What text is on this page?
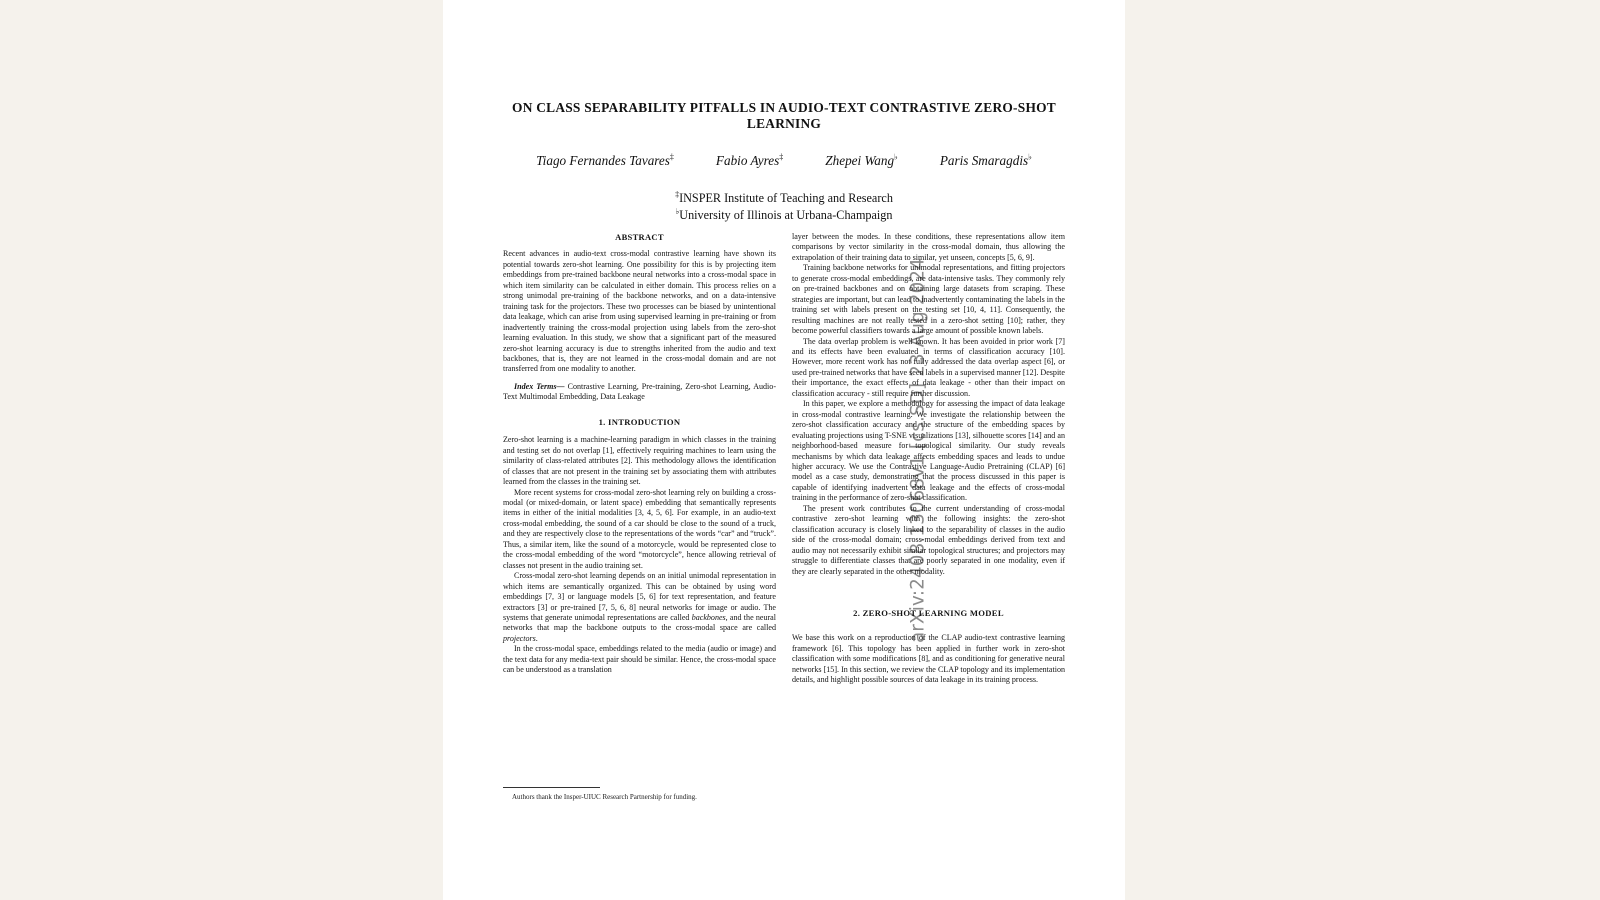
arXiv:2408.13068v1 [cs.SD] 23 Aug 2024
ON CLASS SEPARABILITY PITFALLS IN AUDIO-TEXT CONTRASTIVE ZERO-SHOT LEARNING
Tiago Fernandes Tavares‡	Fabio Ayres‡	Zhepei Wang♭	Paris Smaragdis♭
‡INSPER Institute of Teaching and Research
♭University of Illinois at Urbana-Champaign
ABSTRACT

Recent advances in audio-text cross-modal contrastive learning have shown its potential towards zero-shot learning. One possibility for this is by projecting item embeddings from pre-trained backbone neural networks into a cross-modal space in which item similarity can be calculated in either domain. This process relies on a strong unimodal pre-training of the backbone networks, and on a data-intensive training task for the projectors. These two processes can be biased by unintentional data leakage, which can arise from using supervised learning in pre-training or from inadvertently training the cross-modal projection using labels from the zero-shot learning evaluation. In this study, we show that a significant part of the measured zero-shot learning accuracy is due to strengths inherited from the audio and text backbones, that is, they are not learned in the cross-modal domain and are not transferred from one modality to another.

Index Terms— Contrastive Learning, Pre-training, Zero-shot Learning, Audio-Text Multimodal Embedding, Data Leakage

1. INTRODUCTION

Zero-shot learning is a machine-learning paradigm in which classes in the training and testing set do not overlap [1], effectively requiring machines to learn using the similarity of class-related attributes [2]. This methodology allows the identification of classes that are not present in the training set by associating them with attributes learned from the classes in the training set.

More recent systems for cross-modal zero-shot learning rely on building a cross-modal (or mixed-domain, or latent space) embedding that semantically represents items in either of the initial modalities [3, 4, 5, 6]. For example, in an audio-text cross-modal embedding, the sound of a car should be close to the sound of a truck, and they are respectively close to the representations of the words “car” and “truck”. Thus, a similar item, like the sound of a motorcycle, would be represented close to the cross-modal embedding of the word “motorcycle”, hence allowing retrieval of classes not present in the audio training set.

Cross-modal zero-shot learning depends on an initial unimodal representation in which items are semantically organized. This can be obtained by using word embeddings [7, 3] or language models [5, 6] for text representation, and feature extractors [3] or pre-trained [7, 5, 6, 8] neural networks for image or audio. The systems that generate unimodal representations are called backbones, and the neural networks that map the backbone outputs to the cross-modal space are called projectors.

In the cross-modal space, embeddings related to the media (audio or image) and the text data for any media-text pair should be similar. Hence, the cross-modal space can be understood as a translation

layer between the modes. In these conditions, these representations allow item comparisons by vector similarity in the cross-modal domain, thus allowing the extrapolation of their training data to similar, yet unseen, concepts [5, 6, 9].

Training backbone networks for unimodal representations, and fitting projectors to generate cross-modal embeddings, are data-intensive tasks. They commonly rely on pre-trained backbones and on obtaining large datasets from scraping. These strategies are important, but can lead to inadvertently contaminating the labels in the training set with labels present on the testing set [10, 4, 11]. Consequently, the resulting machines are not really tested in a zero-shot setting [10]; rather, they become powerful classifiers towards a large amount of possible known labels.

The data overlap problem is well known. It has been avoided in prior work [7] and its effects have been evaluated in terms of classification accuracy [10]. However, more recent work has not fully addressed the data overlap aspect [6], or used pre-trained networks that have seen labels in a supervised manner [12]. Despite their importance, the exact effects of data leakage - other than their impact on classification accuracy - still require further discussion.

In this paper, we explore a methodology for assessing the impact of data leakage in cross-modal contrastive learning. We investigate the relationship between the zero-shot classification accuracy and the structure of the embedding spaces by evaluating projections using T-SNE visualizations [13], silhouette scores [14] and an neighborhood-based measure for topological similarity. Our study reveals mechanisms by which data leakage affects embedding spaces and leads to undue higher accuracy. We use the Contrastive Language-Audio Pretraining (CLAP) [6] model as a case study, demonstrating that the process discussed in this paper is capable of identifying inadvertent data leakage and the effects of cross-modal training in the performance of zero-shot classification.

The present work contributes to the current understanding of cross-modal contrastive zero-shot learning with the following insights: the zero-shot classification accuracy is closely linked to the separability of classes in the audio side of the cross-modal domain; cross-modal embeddings derived from text and audio may not necessarily exhibit similar topological structures; and projectors may struggle to differentiate classes that are poorly separated in one modality, even if they are clearly separated in the other modality.

2. ZERO-SHOT LEARNING MODEL

We base this work on a reproduction of the CLAP audio-text contrastive learning framework [6]. This topology has been applied in further work in zero-shot classification with some modifications [8], and as conditioning for generative neural networks [15]. In this section, we review the CLAP topology and its implementation details, and highlight possible sources of data leakage in its training process.

Authors thank the Insper-UIUC Research Partnership for funding.
